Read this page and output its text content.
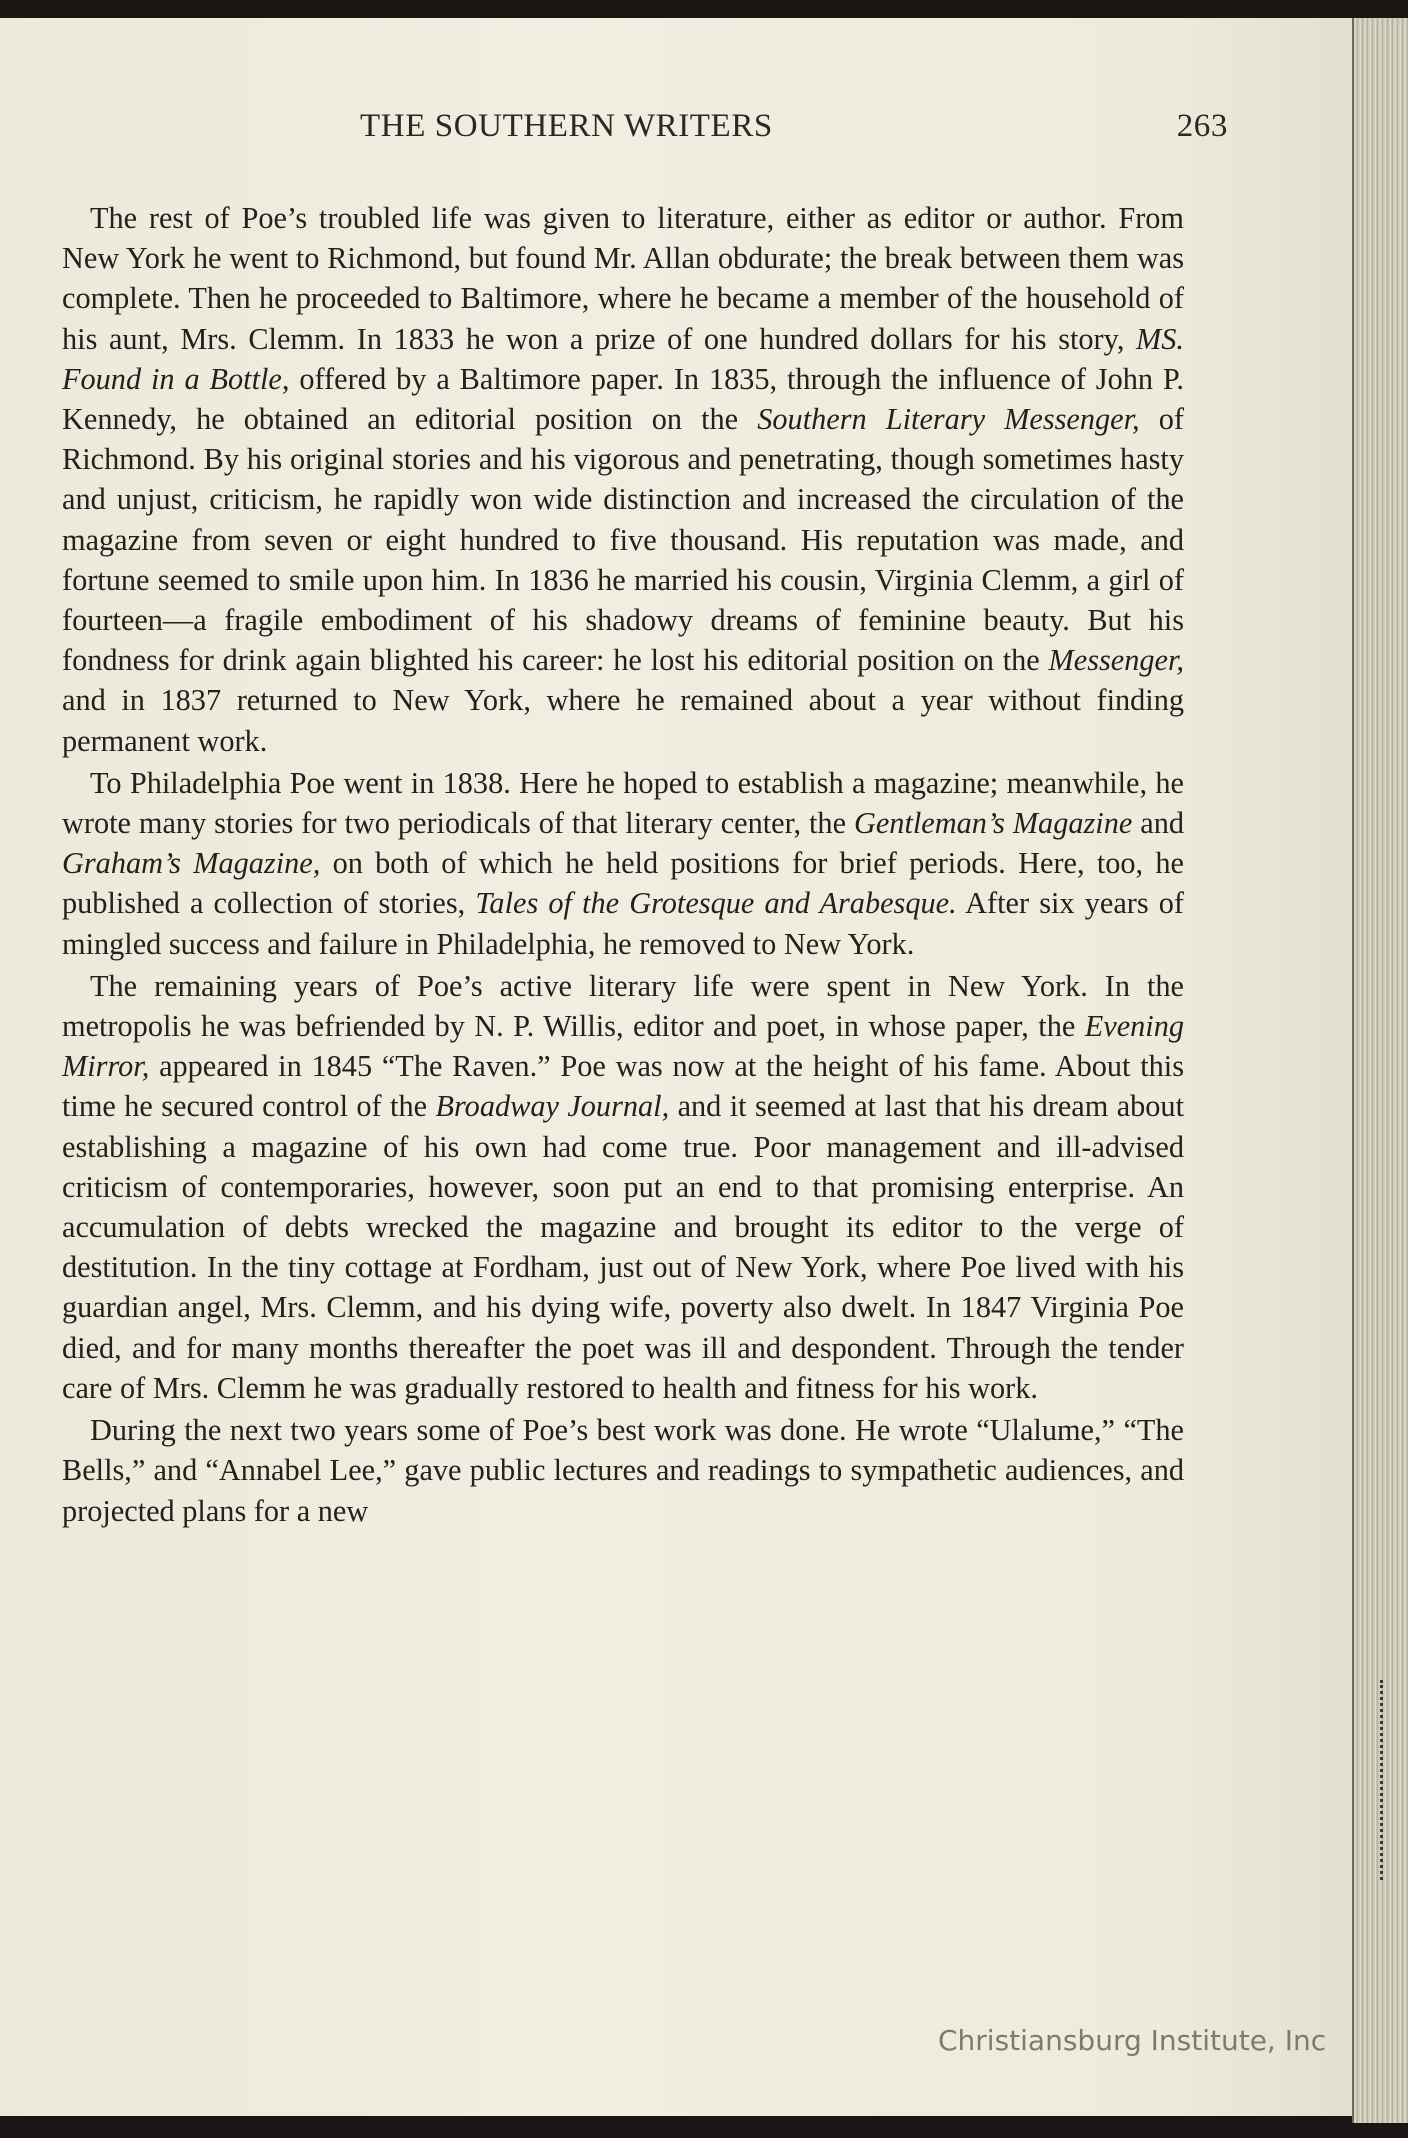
THE SOUTHERN WRITERS	263

The rest of Poe’s troubled life was given to literature, either as editor or author. From New York he went to Richmond, but found Mr. Allan obdurate; the break between them was complete. Then he proceeded to Baltimore, where he became a member of the household of his aunt, Mrs. Clemm. In 1833 he won a prize of one hundred dollars for his story, MS. Found in a Bottle, offered by a Baltimore paper. In 1835, through the influence of John P. Kennedy, he obtained an editorial position on the Southern Literary Messenger, of Richmond. By his original stories and his vigorous and penetrating, though sometimes hasty and unjust, criticism, he rapidly won wide distinction and increased the circulation of the magazine from seven or eight hundred to five thousand. His reputation was made, and fortune seemed to smile upon him. In 1836 he married his cousin, Virginia Clemm, a girl of fourteen—a fragile embodiment of his shadowy dreams of feminine beauty. But his fondness for drink again blighted his career: he lost his editorial position on the Messenger, and in 1837 returned to New York, where he remained about a year without finding permanent work.

To Philadelphia Poe went in 1838. Here he hoped to establish a magazine; meanwhile, he wrote many stories for two periodicals of that literary center, the Gentleman’s Magazine and Graham’s Magazine, on both of which he held positions for brief periods. Here, too, he published a collection of stories, Tales of the Grotesque and Arabesque. After six years of mingled success and failure in Philadelphia, he removed to New York.

The remaining years of Poe’s active literary life were spent in New York. In the metropolis he was befriended by N. P. Willis, editor and poet, in whose paper, the Evening Mirror, appeared in 1845 “The Raven.” Poe was now at the height of his fame. About this time he secured control of the Broadway Journal, and it seemed at last that his dream about establishing a magazine of his own had come true. Poor management and ill-advised criticism of contemporaries, however, soon put an end to that promising enterprise. An accumulation of debts wrecked the magazine and brought its editor to the verge of destitution. In the tiny cottage at Fordham, just out of New York, where Poe lived with his guardian angel, Mrs. Clemm, and his dying wife, poverty also dwelt. In 1847 Virginia Poe died, and for many months thereafter the poet was ill and despondent. Through the tender care of Mrs. Clemm he was gradually restored to health and fitness for his work.

During the next two years some of Poe’s best work was done. He wrote “Ulalume,” “The Bells,” and “Annabel Lee,” gave public lectures and readings to sympathetic audiences, and projected plans for a new

Christiansburg Institute, Inc
